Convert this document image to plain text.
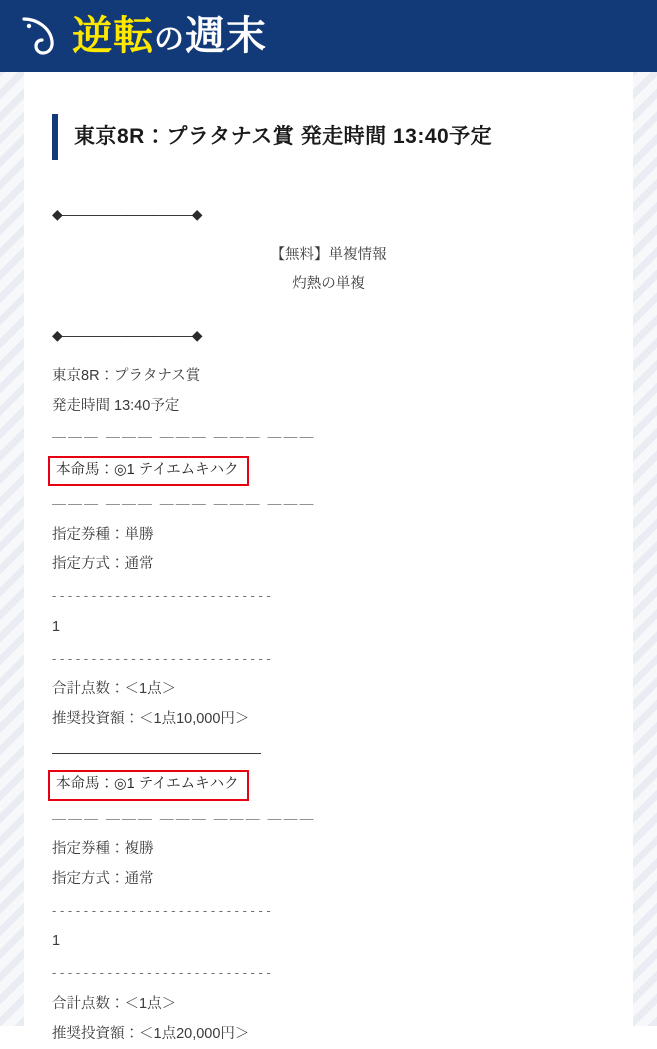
逆転の週末
東京8R：プラタナス賞 発走時間 13:40予定
◆――――――――――◆
【無料】単複情報
灼熱の単複
◆――――――――――◆
東京8R：プラタナス賞
発走時間 13:40予定
――― ――― ――― ――― ―――
本命馬：◎1 テイエムキハク
――― ――― ――― ――― ―――
指定券種：単勝
指定方式：通常
- - - - - - - - - - - - - - - - - - - - - - - - - - - -
1
- - - - - - - - - - - - - - - - - - - - - - - - - - - -
合計点数：＜1点＞
推奨投資額：＜1点10,000円＞
――――――――――――――――
本命馬：◎1 テイエムキハク
――― ――― ――― ――― ―――
指定券種：複勝
指定方式：通常
- - - - - - - - - - - - - - - - - - - - - - - - - - - -
1
- - - - - - - - - - - - - - - - - - - - - - - - - - - -
合計点数：＜1点＞
推奨投資額：＜1点20,000円＞
